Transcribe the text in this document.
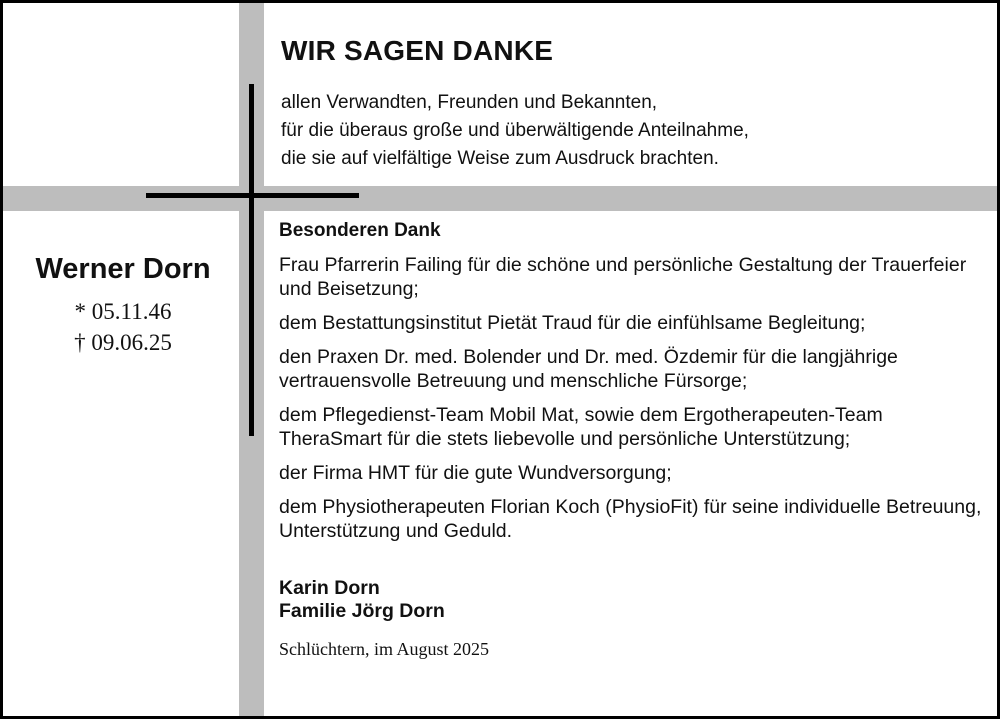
WIR SAGEN DANKE
allen Verwandten, Freunden und Bekannten,
für die überaus große und überwältigende Anteilnahme,
die sie auf vielfältige Weise zum Ausdruck brachten.

Besonderen Dank

Frau Pfarrerin Failing für die schöne und persönliche Gestaltung der Trauerfeier und Beisetzung;

dem Bestattungsinstitut Pietät Traud für die einfühlsame Begleitung;

den Praxen Dr. med. Bolender und Dr. med. Özdemir für die langjährige vertrauensvolle Betreuung und menschliche Fürsorge;

dem Pflegedienst-Team Mobil Mat, sowie dem Ergotherapeuten-Team TheraSmart für die stets liebevolle und persönliche Unterstützung;

der Firma HMT für die gute Wundversorgung;

dem Physiotherapeuten Florian Koch (PhysioFit) für seine individuelle Betreuung, Unterstützung und Geduld.

Karin Dorn
Familie Jörg Dorn
Schlüchtern, im August 2025
Werner Dorn
* 05.11.46
† 09.06.25
